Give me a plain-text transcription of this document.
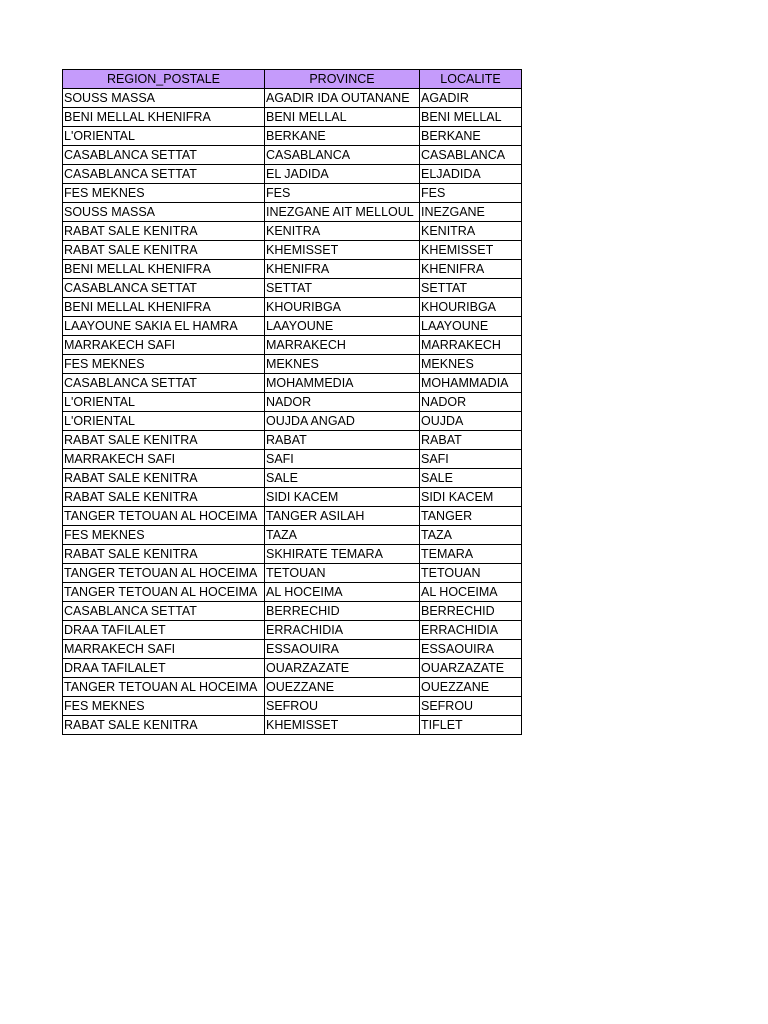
REGION_POSTALE	PROVINCE	LOCALITE
SOUSS MASSA	AGADIR IDA OUTANANE	AGADIR
BENI MELLAL KHENIFRA	BENI MELLAL	BENI MELLAL
L'ORIENTAL	BERKANE	BERKANE
CASABLANCA SETTAT	CASABLANCA	CASABLANCA
CASABLANCA SETTAT	EL JADIDA	ELJADIDA
FES MEKNES	FES	FES
SOUSS MASSA	INEZGANE AIT MELLOUL	INEZGANE
RABAT SALE KENITRA	KENITRA	KENITRA
RABAT SALE KENITRA	KHEMISSET	KHEMISSET
BENI MELLAL KHENIFRA	KHENIFRA	KHENIFRA
CASABLANCA SETTAT	SETTAT	SETTAT
BENI MELLAL KHENIFRA	KHOURIBGA	KHOURIBGA
LAAYOUNE SAKIA EL HAMRA	LAAYOUNE	LAAYOUNE
MARRAKECH SAFI	MARRAKECH	MARRAKECH
FES MEKNES	MEKNES	MEKNES
CASABLANCA SETTAT	MOHAMMEDIA	MOHAMMADIA
L'ORIENTAL	NADOR	NADOR
L'ORIENTAL	OUJDA ANGAD	OUJDA
RABAT SALE KENITRA	RABAT	RABAT
MARRAKECH SAFI	SAFI	SAFI
RABAT SALE KENITRA	SALE	SALE
RABAT SALE KENITRA	SIDI KACEM	SIDI KACEM
TANGER TETOUAN AL HOCEIMA	TANGER ASILAH	TANGER
FES MEKNES	TAZA	TAZA
RABAT SALE KENITRA	SKHIRATE TEMARA	TEMARA
TANGER TETOUAN AL HOCEIMA	TETOUAN	TETOUAN
TANGER TETOUAN AL HOCEIMA	AL HOCEIMA	AL HOCEIMA
CASABLANCA SETTAT	BERRECHID	BERRECHID
DRAA TAFILALET	ERRACHIDIA	ERRACHIDIA
MARRAKECH SAFI	ESSAOUIRA	ESSAOUIRA
DRAA TAFILALET	OUARZAZATE	OUARZAZATE
TANGER TETOUAN AL HOCEIMA	OUEZZANE	OUEZZANE
FES MEKNES	SEFROU	SEFROU
RABAT SALE KENITRA	KHEMISSET	TIFLET
